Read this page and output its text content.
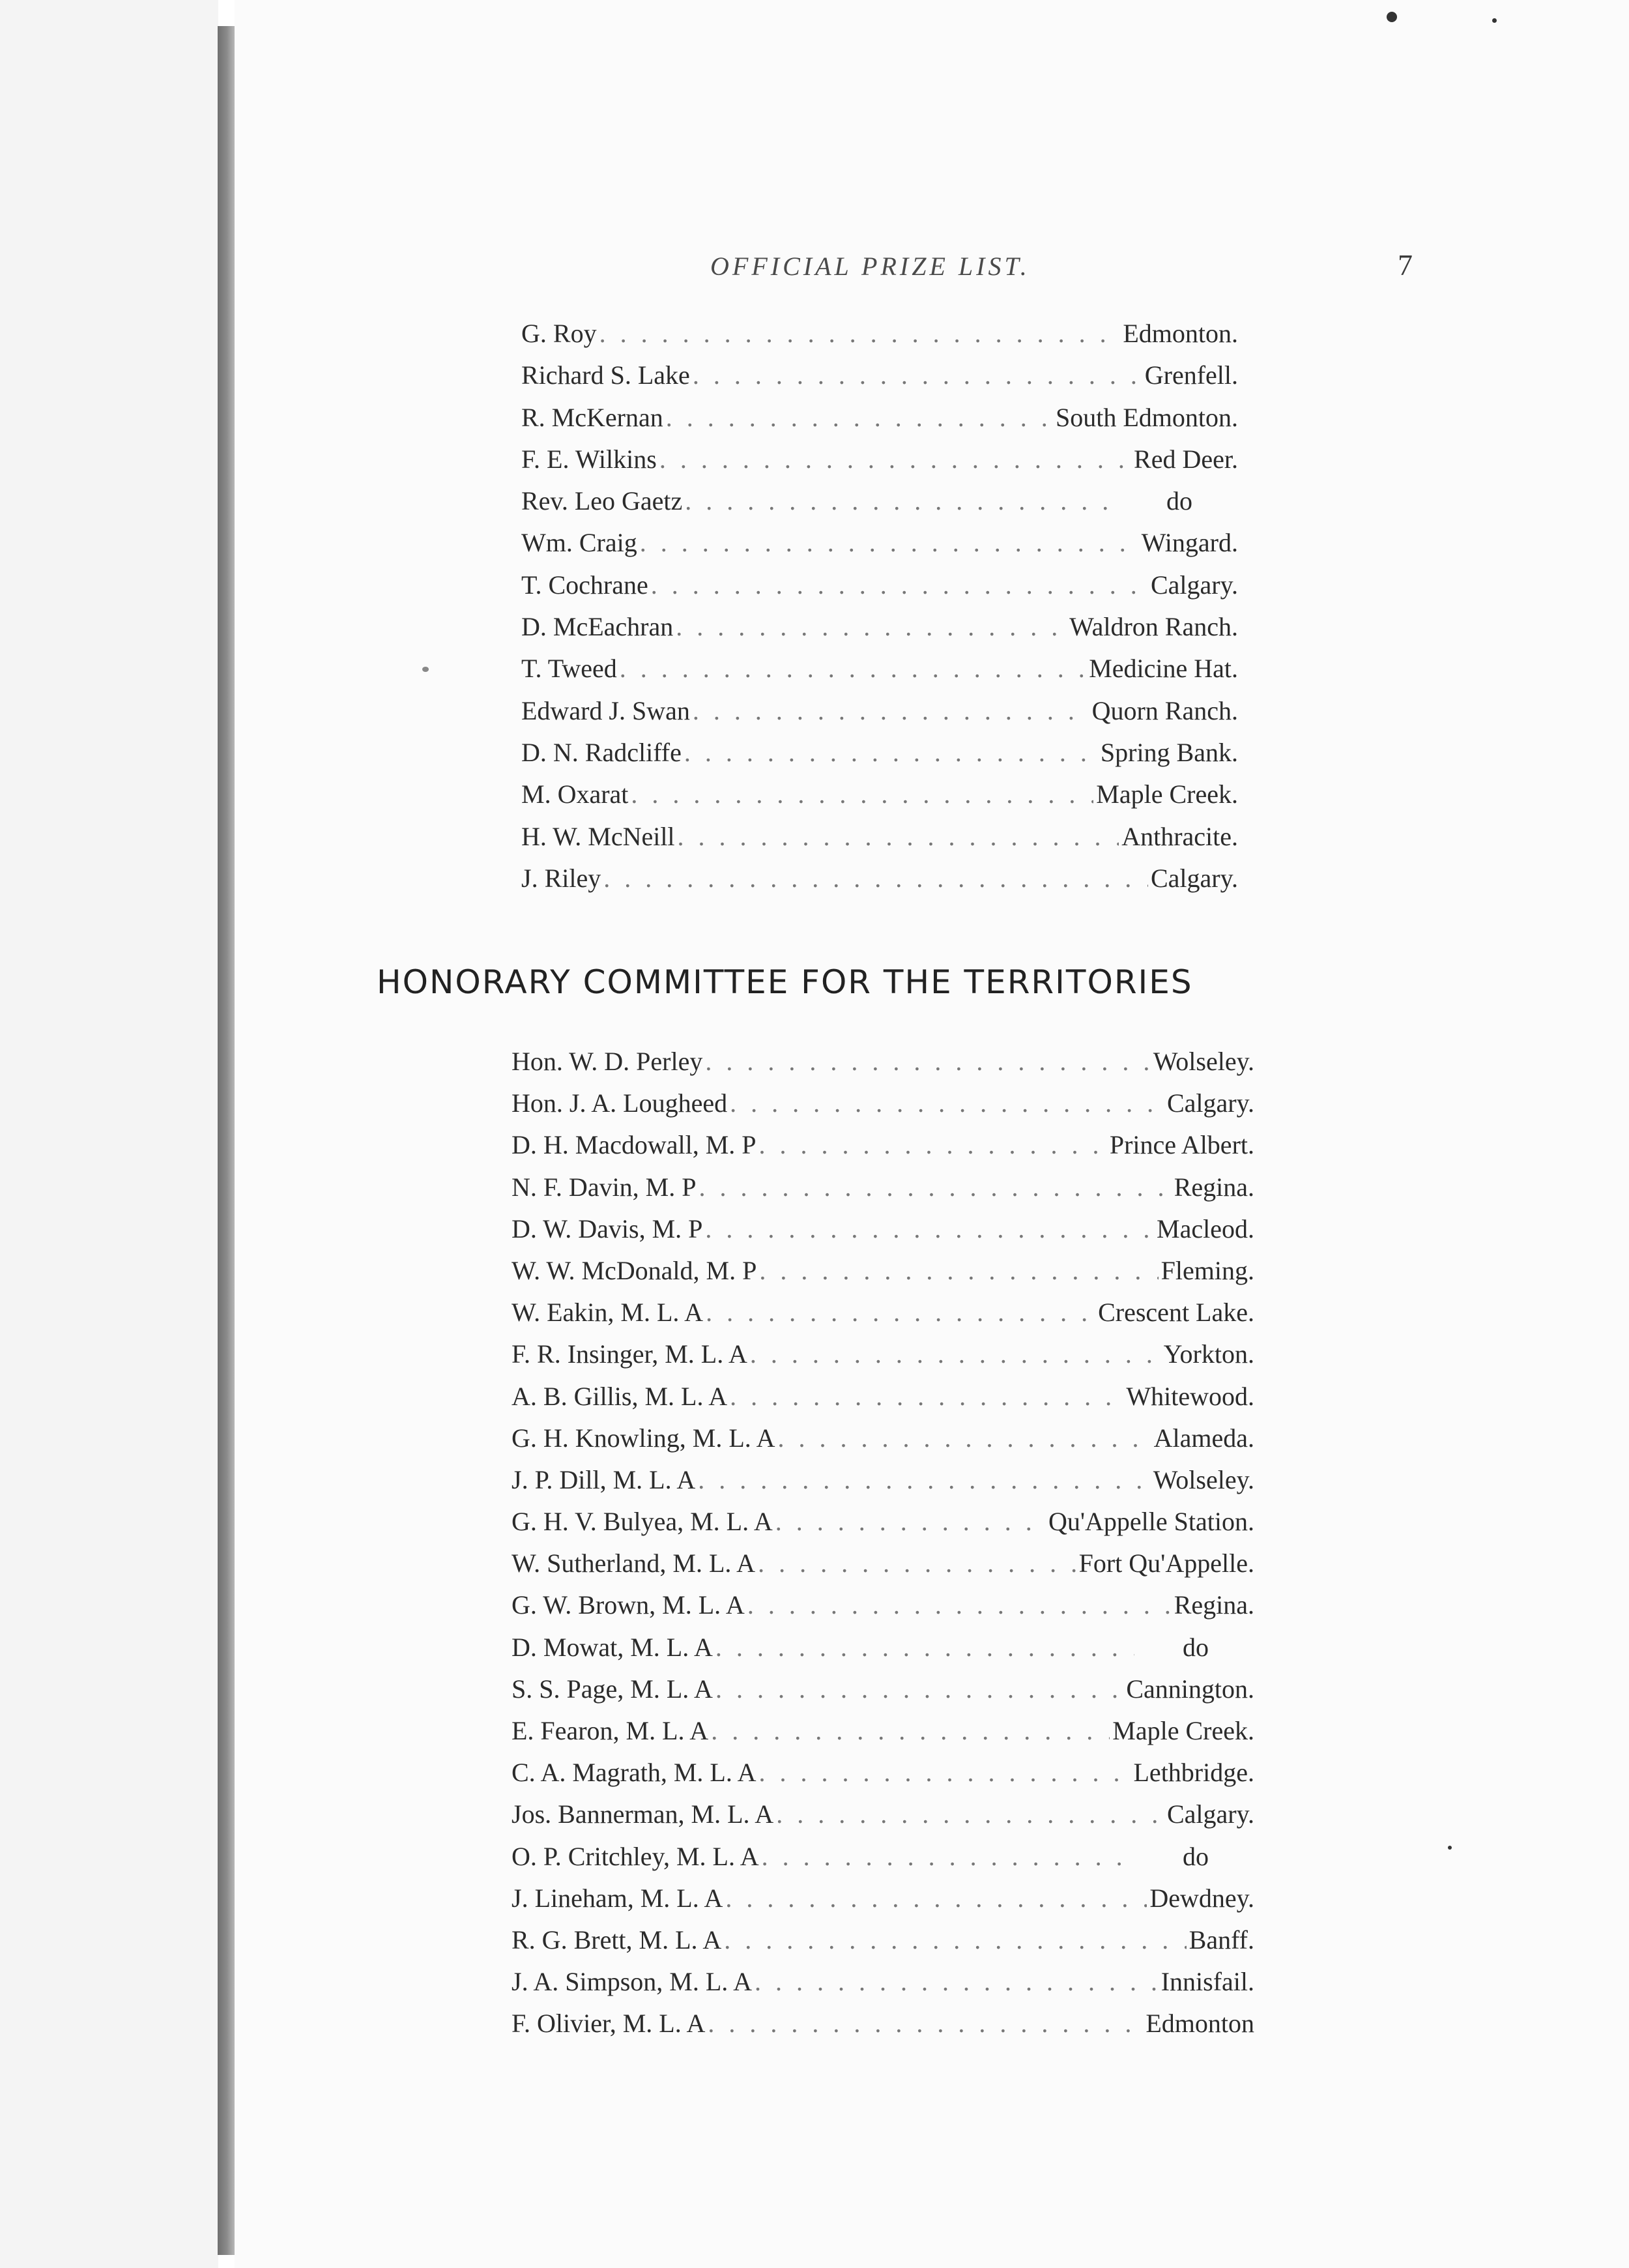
OFFICIAL PRIZE LIST.	7
G. Roy . . .	Edmonton.
Richard S. Lake . . .	Grenfell.
R. McKernan . . .	South Edmonton.
F. E. Wilkins . . .	Red Deer.
Rev. Leo Gaetz . . .	do
Wm. Craig . . .	Wingard.
T. Cochrane . . .	Calgary.
D. McEachran . . .	Waldron Ranch.
T. Tweed . . .	Medicine Hat.
Edward J. Swan . . .	Quorn Ranch.
D. N. Radcliffe . . .	Spring Bank.
M. Oxarat . . .	Maple Creek.
H. W. McNeill . . .	Anthracite.
J. Riley . . .	Calgary.
HONORARY COMMITTEE FOR THE TERRITORIES
Hon. W. D. Perley . . .	Wolseley.
Hon. J. A. Lougheed . . .	Calgary.
D. H. Macdowall, M. P . . .	Prince Albert.
N. F. Davin, M. P . . .	Regina.
D. W. Davis, M. P . . .	Macleod.
W. W. McDonald, M. P . . .	Fleming.
W. Eakin, M. L. A . . .	Crescent Lake.
F. R. Insinger, M. L. A . . .	Yorkton.
A. B. Gillis, M. L. A . . .	Whitewood.
G. H. Knowling, M. L. A . . .	Alameda.
J. P. Dill, M. L. A . . .	Wolseley.
G. H. V. Bulyea, M. L. A . . .	Qu'Appelle Station.
W. Sutherland, M. L. A . . .	Fort Qu'Appelle.
G. W. Brown, M. L. A . . .	Regina.
D. Mowat, M. L. A . . .	do
S. S. Page, M. L. A . . .	Cannington.
E. Fearon, M. L. A . . .	Maple Creek.
C. A. Magrath, M. L. A . . .	Lethbridge.
Jos. Bannerman, M. L. A . . .	Calgary.
O. P. Critchley, M. L. A . . .	do
J. Lineham, M. L. A . . .	Dewdney.
R. G. Brett, M. L. A . . .	Banff.
J. A. Simpson, M. L. A . . .	Innisfail.
F. Olivier, M. L. A . . .	Edmonton
